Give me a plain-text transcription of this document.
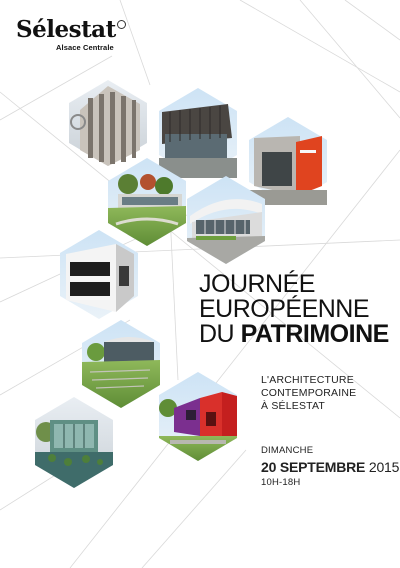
Sélestat
Alsace Centrale
JOURNÉE
EUROPÉENNE
DU PATRIMOINE
L'ARCHITECTURE
CONTEMPORAINE
À SÉLESTAT
DIMANCHE
20 SEPTEMBRE 2015
10H-18H
